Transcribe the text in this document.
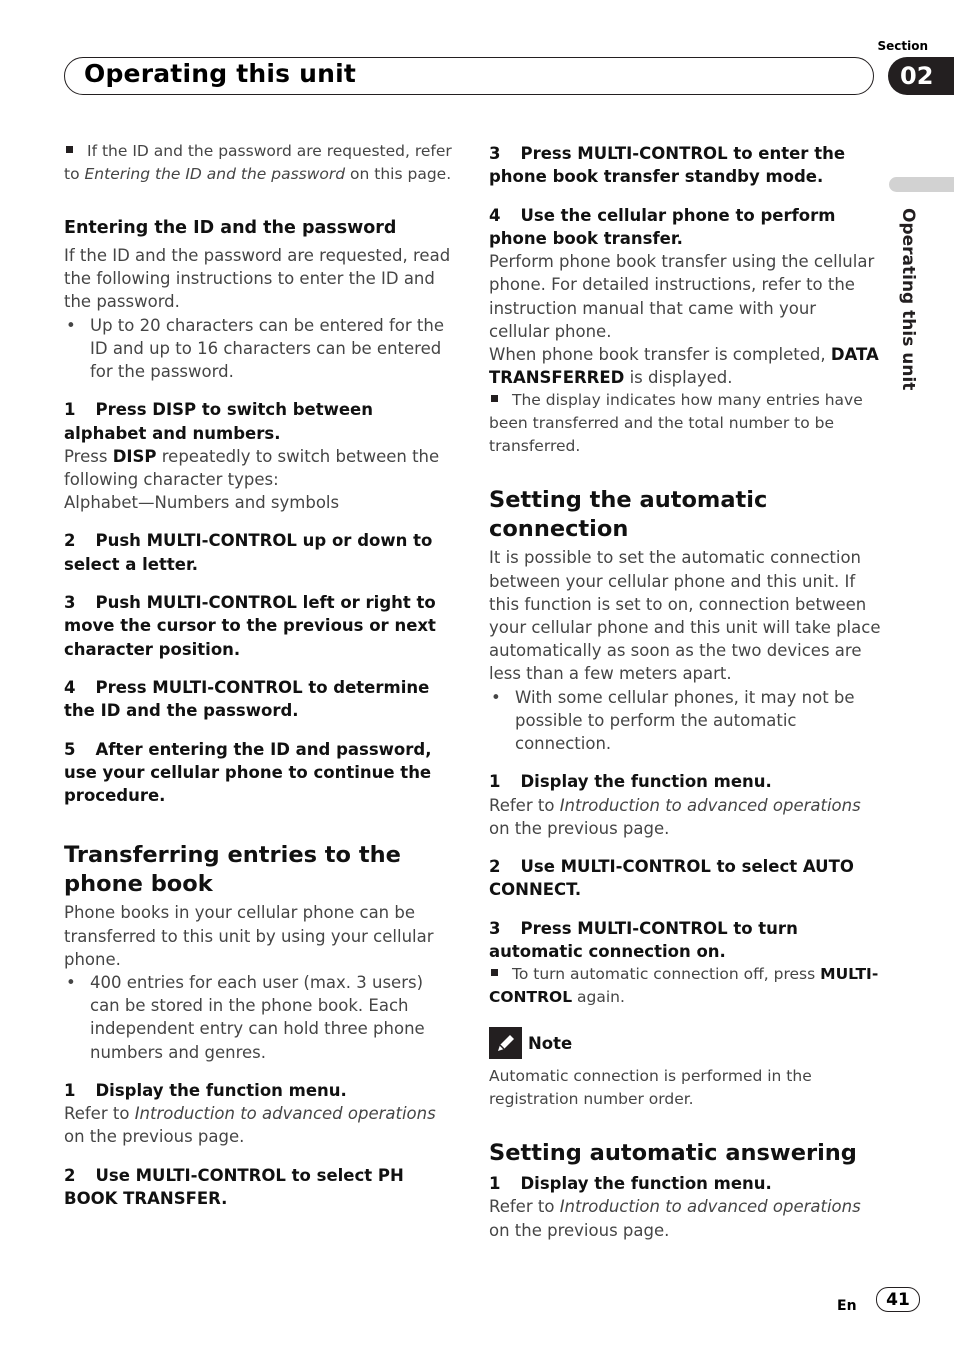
Operating this unit
Section
02
Operating this unit

If the ID and the password are requested, refer to Entering the ID and the password on this page.

Entering the ID and the password

If the ID and the password are requested, read the following instructions to enter the ID and the password.

• Up to 20 characters can be entered for the ID and up to 16 characters can be entered for the password.

1 Press DISP to switch between alphabet and numbers.

Press DISP repeatedly to switch between the following character types:

Alphabet—Numbers and symbols

2 Push MULTI-CONTROL up or down to select a letter.

3 Push MULTI-CONTROL left or right to move the cursor to the previous or next character position.

4 Press MULTI-CONTROL to determine the ID and the password.

5 After entering the ID and password, use your cellular phone to continue the procedure.

Transferring entries to the phone book

Phone books in your cellular phone can be transferred to this unit by using your cellular phone.

• 400 entries for each user (max. 3 users) can be stored in the phone book. Each independent entry can hold three phone numbers and genres.

1 Display the function menu.

Refer to Introduction to advanced operations on the previous page.

2 Use MULTI-CONTROL to select PH BOOK TRANSFER.

3 Press MULTI-CONTROL to enter the phone book transfer standby mode.

4 Use the cellular phone to perform phone book transfer.

Perform phone book transfer using the cellular phone. For detailed instructions, refer to the instruction manual that came with your cellular phone.

When phone book transfer is completed, DATA TRANSFERRED is displayed.

The display indicates how many entries have been transferred and the total number to be transferred.

Setting the automatic connection

It is possible to set the automatic connection between your cellular phone and this unit. If this function is set to on, connection between your cellular phone and this unit will take place automatically as soon as the two devices are less than a few meters apart.

• With some cellular phones, it may not be possible to perform the automatic connection.

1 Display the function menu.

Refer to Introduction to advanced operations on the previous page.

2 Use MULTI-CONTROL to select AUTO CONNECT.

3 Press MULTI-CONTROL to turn automatic connection on.

To turn automatic connection off, press MULTI-CONTROL again.

Note

Automatic connection is performed in the registration number order.

Setting automatic answering

1 Display the function menu.

Refer to Introduction to advanced operations on the previous page.

En 41
